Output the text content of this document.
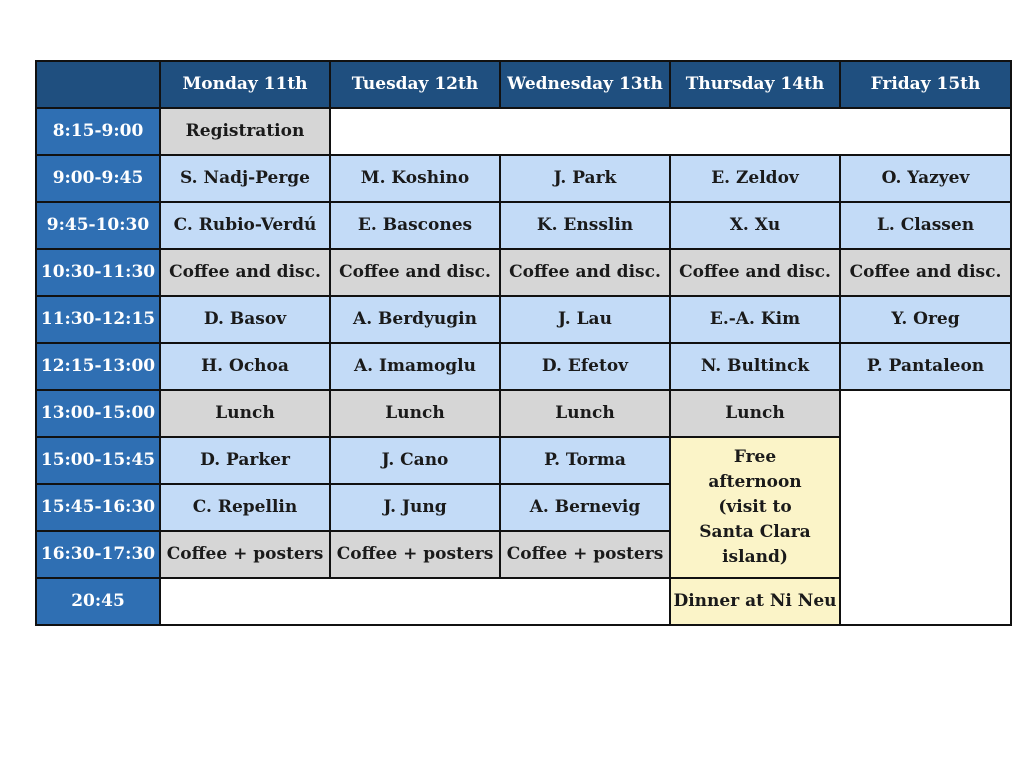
	Monday 11th	Tuesday 12th	Wednesday 13th	Thursday 14th	Friday 15th
8:15-9:00	Registration				
9:00-9:45	S. Nadj-Perge	M. Koshino	J. Park	E. Zeldov	O. Yazyev
9:45-10:30	C. Rubio-Verdú	E. Bascones	K. Ensslin	X. Xu	L. Classen
10:30-11:30	Coffee and disc.	Coffee and disc.	Coffee and disc.	Coffee and disc.	Coffee and disc.
11:30-12:15	D. Basov	A. Berdyugin	J. Lau	E.-A. Kim	Y. Oreg
12:15-13:00	H. Ochoa	A. Imamoglu	D. Efetov	N. Bultinck	P. Pantaleon
13:00-15:00	Lunch	Lunch	Lunch	Lunch	
15:00-15:45	D. Parker	J. Cano	P. Torma	Free afternoon (visit to Santa Clara island)	

15:45-16:30	C. Repellin	J. Jung	A. Bernevig		
16:30-17:30	Coffee + posters	Coffee + posters	Coffee + posters		
20:45				Dinner at Ni Neu	
